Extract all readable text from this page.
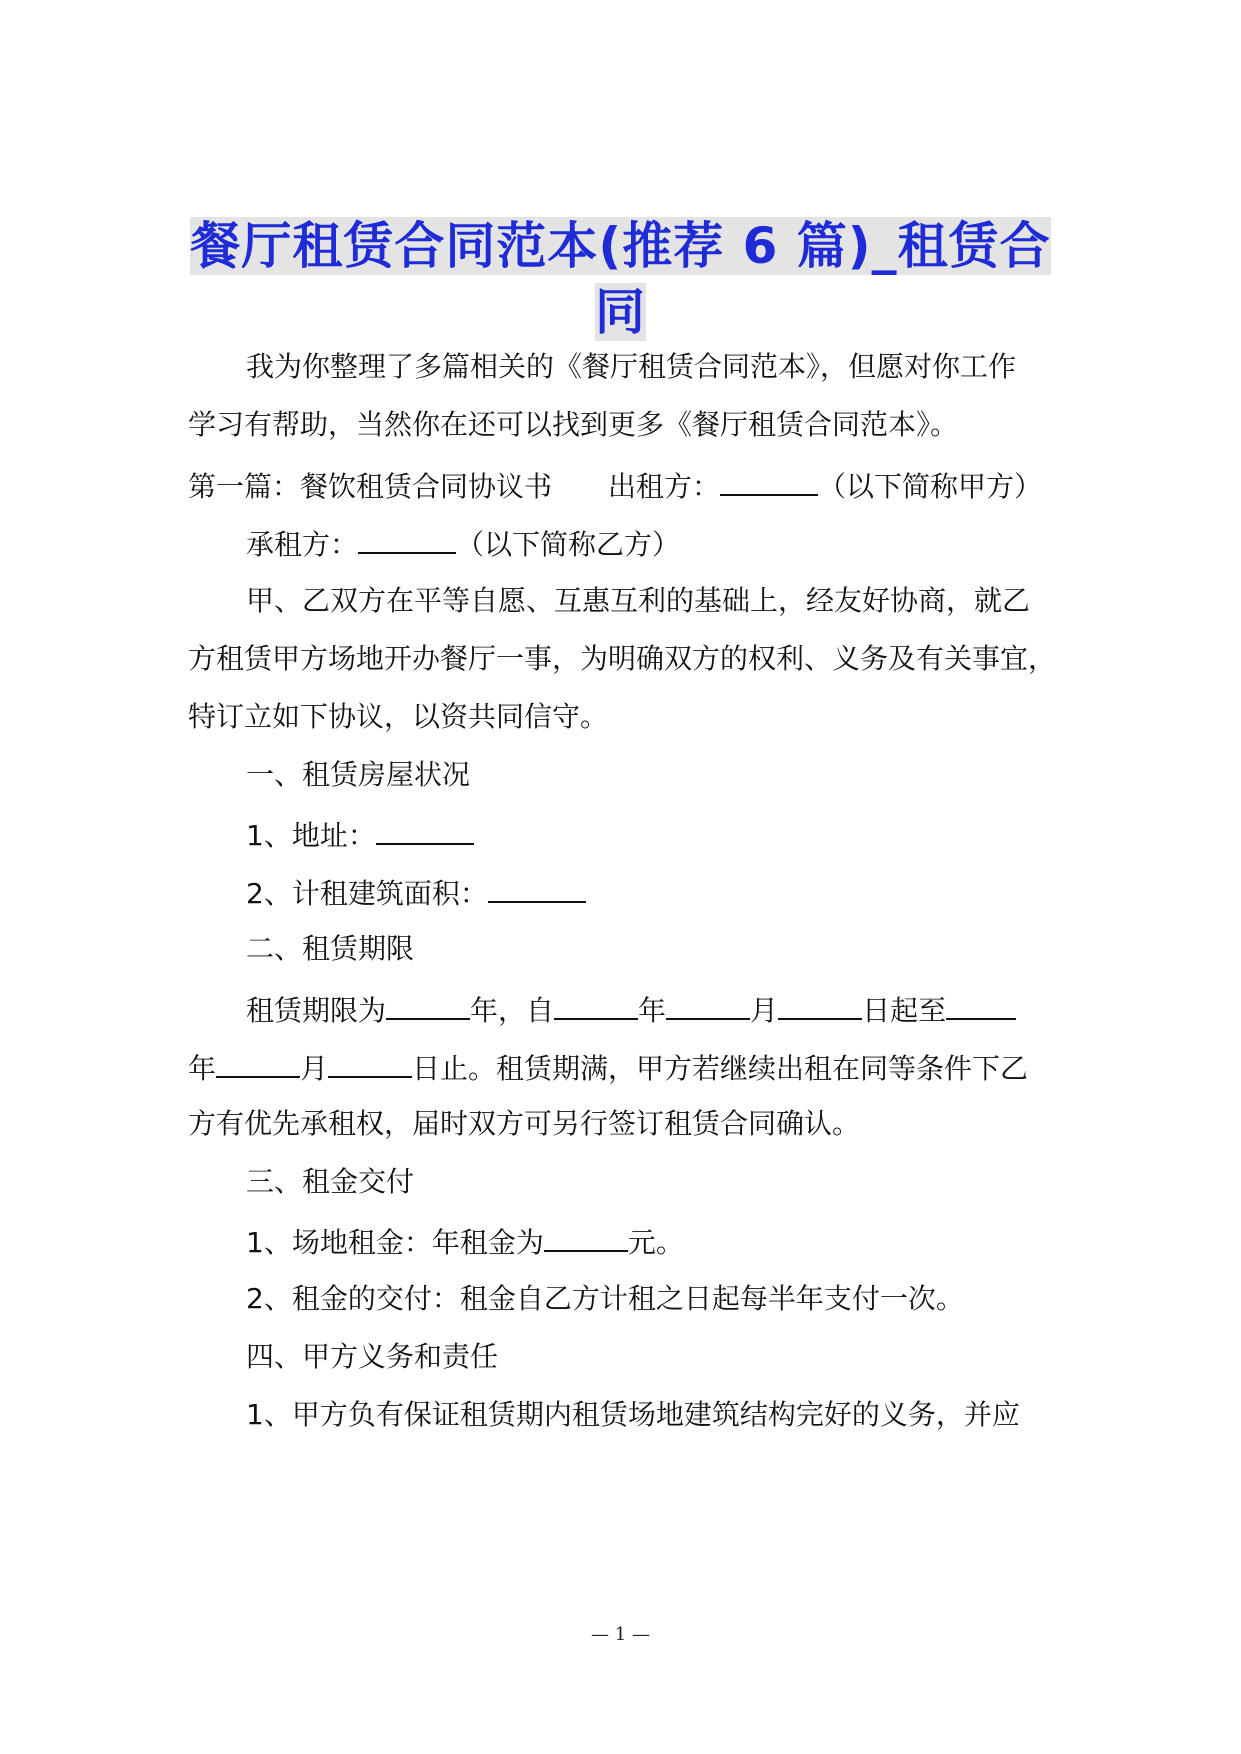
餐厅租赁合同范本(推荐 6 篇)_租赁合同
我为你整理了多篇相关的《餐厅租赁合同范本》，但愿对你工作
学习有帮助，当然你在还可以找到更多《餐厅租赁合同范本》。
第一篇：餐饮租赁合同协议书 出租方：	（以下简称甲方）
承租方：	（以下简称乙方）
甲、乙双方在平等自愿、互惠互利的基础上，经友好协商，就乙
方租赁甲方场地开办餐厅一事，为明确双方的权利、义务及有关事宜，
特订立如下协议，以资共同信守。
一、租赁房屋状况
1、地址：
2、计租建筑面积：
二、租赁期限
租赁期限为	年，自	年	月	日起至
年	月	日止。租赁期满，甲方若继续出租在同等条件下乙
方有优先承租权，届时双方可另行签订租赁合同确认。
三、租金交付
1、场地租金：年租金为	元。
2、租金的交付：租金自乙方计租之日起每半年支付一次。
四、甲方义务和责任
1、甲方负有保证租赁期内租赁场地建筑结构完好的义务，并应
— 1 —
